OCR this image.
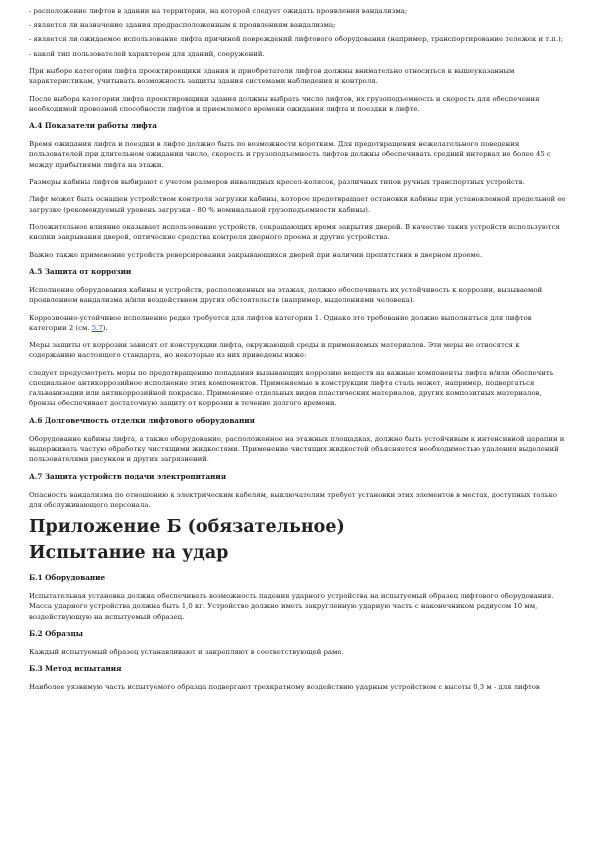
- расположение лифтов в здании на территории, на которой следует ожидать проявления вандализма;

- является ли назначение здания предрасположенным к проявлениям вандализма;

- является ли ожидаемое использование лифта причиной повреждений лифтового оборудования (например, транспортирование тележек и т.п.);

- какой тип пользователей характерен для зданий, сооружений.

При выборе категории лифта проектировщики здания и приобретатели лифтов должны внимательно относиться к вышеуказанным характеристикам, учитывать возможность защиты здания системами наблюдения и контроля.

После выбора категории лифта проектировщики здания должны выбрать число лифтов, их грузоподъемность и скорость для обеспечения необходимой провозной способности лифтов и приемлемого времени ожидания лифта и поездки в лифте.

А.4 Показатели работы лифта

Время ожидания лифта и поездки в лифте должно быть по возможности коротким. Для предотвращения нежелательного поведения пользователей при длительном ожидании число, скорость и грузоподъемность лифтов должны обеспечивать средний интервал не более 45 с между прибытиями лифта на этажи.

Размеры кабины лифтов выбирают с учетом размеров инвалидных кресел-колясок, различных типов ручных транспортных устройств.

Лифт может быть оснащен устройством контроля загрузки кабины, которое предотвращает остановки кабины при установленной предельной ее загрузке (рекомендуемый уровень загрузки - 80 % номинальной грузоподъемности кабины).

Положительное влияние оказывает использование устройств, сокращающих время закрытия дверей. В качестве таких устройств используются кнопки закрывания дверей, оптические средства контроля дверного проема и другие устройства.

Важно также применение устройств реверсирования закрывающихся дверей при наличии препятствия в дверном проеме.

А.5 Защита от коррозии

Исполнение оборудования кабины и устройств, расположенных на этажах, должно обеспечивать их устойчивость к коррозии, вызываемой проявлением вандализма и/или воздействием других обстоятельств (например, выделениями человека).

Коррозионно-устойчивое исполнение редко требуется для лифтов категории 1. Однако это требование должно выполняться для лифтов категории 2 (см. 5.7).

Меры защиты от коррозии зависят от конструкции лифта, окружающей среды и применяемых материалов. Эти меры не относятся к содержанию настоящего стандарта, но некоторые из них приведены ниже:

следует предусмотреть меры по предотвращению попадания вызывающих коррозию веществ на важные компоненты лифта и/или обеспечить специальное антикоррозийное исполнение этих компонентов. Применяемые в конструкции лифта сталь может, например, подвергаться гальванизации или антикоррозийной покраске. Применение отдельных видов пластических материалов, других композитных материалов, бронзы обеспечивает достаточную защиту от коррозии в течение долгого времени.

А.6 Долговечность отделки лифтового оборудования

Оборудование кабины лифта, а также оборудование, расположенное на этажных площадках, должно быть устойчивым к интенсивной царапин и выдерживать частую обработку чистящими жидкостями. Применение чистящих жидкостей объясняется необходимостью удаления выделений пользователями рисунков и других загрязнений.

А.7 Защита устройств подачи электропитания

Опасность вандализма по отношению к электрическим кабелям, выключателям требует установки этих элементов в местах, доступных только для обслуживающего персонала.

Приложение Б (обязательное)
Испытание на удар
Б.1 Оборудование

Испытательная установка должна обеспечивать возможность падения ударного устройства на испытуемый образец лифтового оборудования. Масса ударного устройства должна быть 1,0 кг. Устройство должно иметь закругленную ударную часть с наконечником радиусом 10 мм, воздействующую на испытуемый образец.

Б.2 Образцы

Каждый испытуемый образец устанавливают и закрепляют в соответствующей раме.

Б.3 Метод испытания

Наиболее уязвимую часть испытуемого образца подвергают трехкратному воздействию ударным устройством с высоты 0,3 м - для лифтов
